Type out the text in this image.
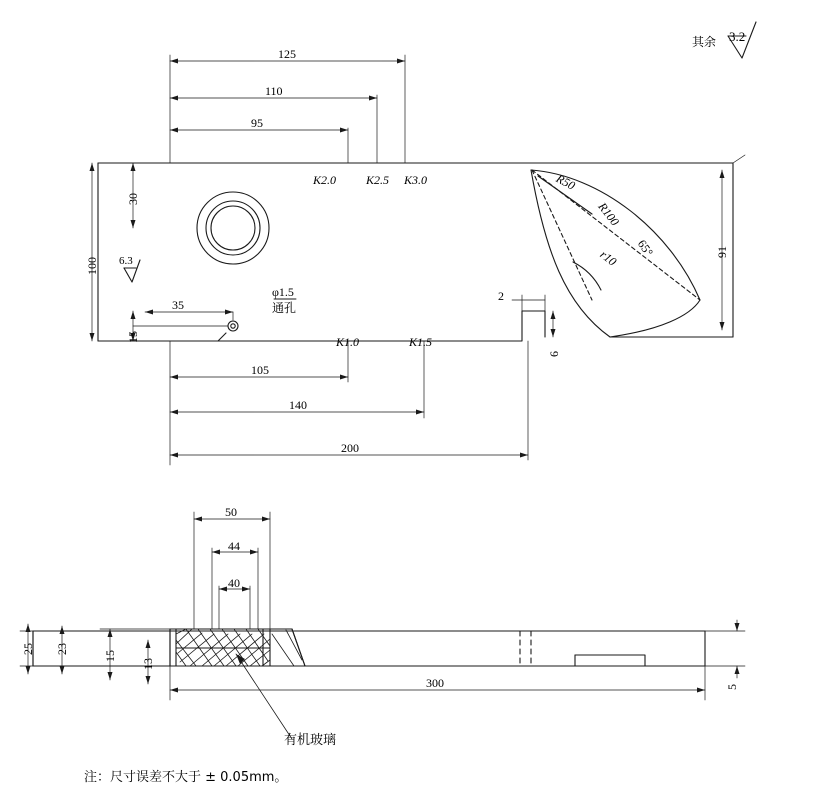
其余 3.2
125
110
95
30
100
15
35
6.3
91
K2.0 K2.5 K3.0
K1.0	K1.5
φ1.5
通孔
R50
R100
r10 65°
2
6
105
140
200
50
44
40
25 23
15
13
300	5
有机玻璃
注：尺寸误差不大于 ± 0.05mm。
